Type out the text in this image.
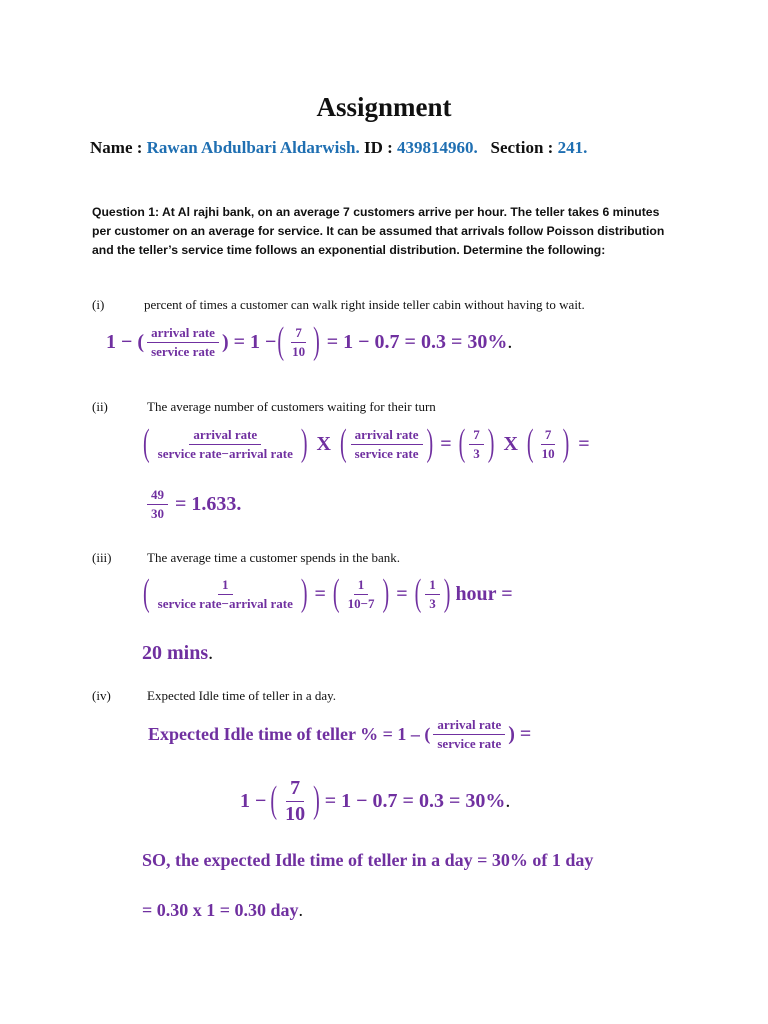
Assignment
Name : Rawan Abdulbari Aldarwish. ID : 439814960. Section : 241.
Question 1: At Al rajhi bank, on an average 7 customers arrive per hour. The teller takes 6 minutes per customer on an average for service. It can be assumed that arrivals follow Poisson distribution and the teller’s service time follows an exponential distribution. Determine the following:
(i)	percent of times a customer can walk right inside teller cabin without having to wait.
1 − ( $\frac{\text{arrival rate}}{\text{service rate}}$ ) = 1 − ( $\frac{7}{10}$ ) = 1 − 0.7 = 0.3 = 30% .
(ii)	The average number of customers waiting for their turn
( $\frac{\text{arrival rate}}{\text{service rate−arrival rate}}$ ) X ( $\frac{\text{arrival rate}}{\text{service rate}}$ ) = ( $\frac{7}{3}$ ) X ( $\frac{7}{10}$ ) =
$\frac{49}{30} = 1.633$.
(iii)	The average time a customer spends in the bank.
( $\frac{1}{\text{service rate−arrival rate}}$ ) = ( $\frac{1}{10-7}$ ) = ( $\frac{1}{3}$ ) hour =
20 mins .
(iv)	Expected Idle time of teller in a day.
Expected Idle time of teller % = 1 – ( $\frac{\text{arrival rate}}{\text{service rate}}$ ) =
1 − ( $\frac{7}{10}$ ) = 1 − 0.7 = 0.3 = 30% .
SO, the expected Idle time of teller in a day = 30% of 1 day
= 0.30 x 1 = 0.30 day .
